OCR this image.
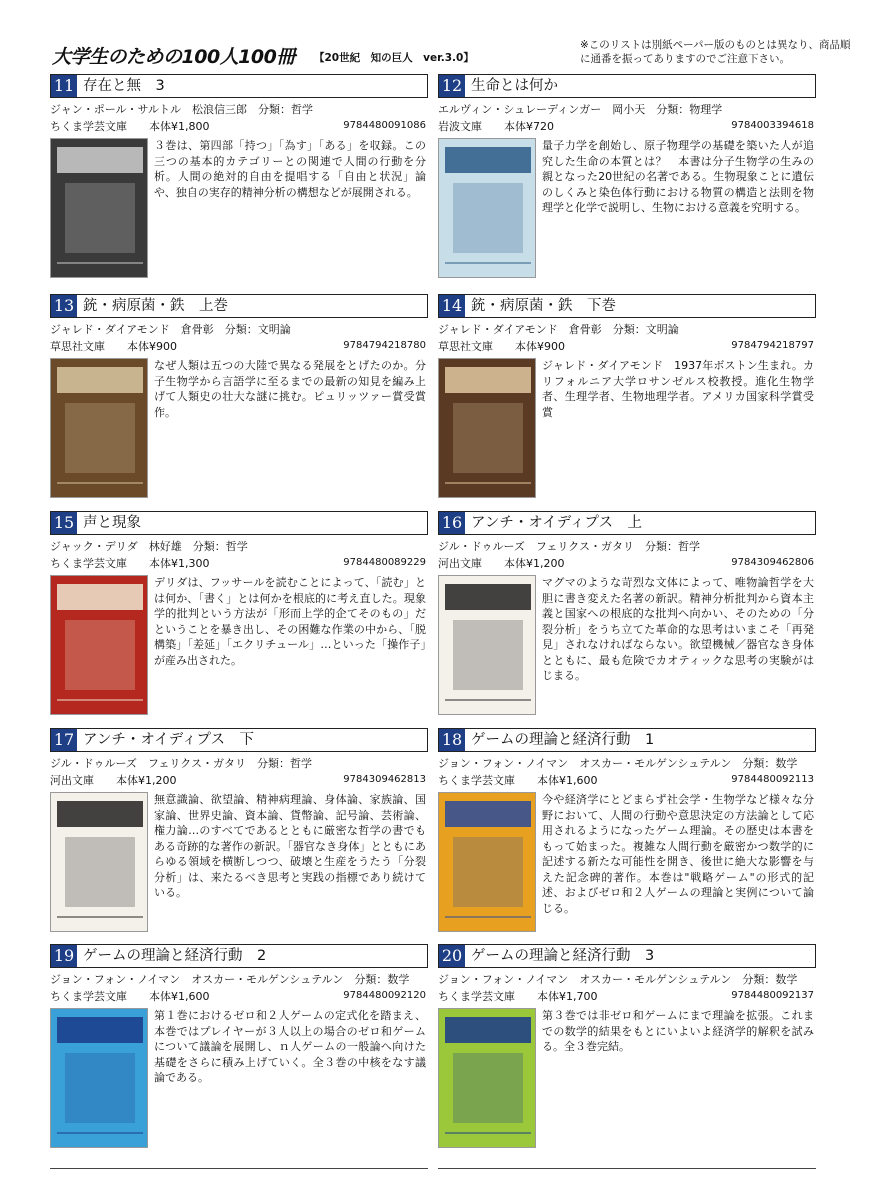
大学生のための100人100冊 【20世紀　知の巨人　ver.3.0】
※このリストは別紙ペーパー版のものとは異なり、商品順に通番を振ってありますのでご注意下さい。
11 存在と無　3
ジャン・ポール・サルトル　松浪信三郎　分類：哲学
ちくま学芸文庫　　本体¥1,800	9784480091086
３巻は、第四部「持つ」「為す」「ある」を収録。この三つの基本的カテゴリーとの関連で人間の行動を分析。人間の絶対的自由を提唱する「自由と状況」論や、独自の実存的精神分析の構想などが展開される。
12 生命とは何か
エルヴィン・シュレーディンガー　岡小天　分類：物理学
岩波文庫　　本体¥720	9784003394618
量子力学を創始し、原子物理学の基礎を築いた人が追究した生命の本質とは？　本書は分子生物学の生みの親となった20世紀の名著である。生物現象ことに遺伝のしくみと染色体行動における物質の構造と法則を物理学と化学で説明し、生物における意義を究明する。
13 銃・病原菌・鉄　上巻
ジャレド・ダイアモンド　倉骨彰　分類：文明論
草思社文庫　　本体¥900	9784794218780
なぜ人類は五つの大陸で異なる発展をとげたのか。分子生物学から言語学に至るまでの最新の知見を編み上げて人類史の壮大な謎に挑む。ピュリッツァー賞受賞作。
14 銃・病原菌・鉄　下巻
ジャレド・ダイアモンド　倉骨彰　分類：文明論
草思社文庫　　本体¥900	9784794218797
ジャレド・ダイアモンド　1937年ボストン生まれ。カリフォルニア大学ロサンゼルス校教授。進化生物学者、生理学者、生物地理学者。アメリカ国家科学賞受賞
15 声と現象
ジャック・デリダ　林好雄　分類：哲学
ちくま学芸文庫　　本体¥1,300	9784480089229
デリダは、フッサールを読むことによって、「読む」とは何か、「書く」とは何かを根底的に考え直した。現象学的批判という方法が「形而上学的企てそのもの」だということを暴き出し、その困難な作業の中から、「脱構築」「差延」「エクリチュール」…といった「操作子」が産み出された。
16 アンチ・オイディプス　上
ジル・ドゥルーズ　フェリクス・ガタリ　分類：哲学
河出文庫　　本体¥1,200	9784309462806
マグマのような苛烈な文体によって、唯物論哲学を大胆に書き変えた名著の新訳。精神分析批判から資本主義と国家への根底的な批判へ向かい、そのための「分裂分析」をうち立てた革命的な思考はいまこそ「再発見」されなければならない。欲望機械／器官なき身体とともに、最も危険でカオティックな思考の実験がはじまる。
17 アンチ・オイディプス　下
ジル・ドゥルーズ　フェリクス・ガタリ　分類：哲学
河出文庫　　本体¥1,200	9784309462813
無意識論、欲望論、精神病理論、身体論、家族論、国家論、世界史論、資本論、貨幣論、記号論、芸術論、権力論…のすべてであるとともに厳密な哲学の書でもある奇跡的な著作の新訳。「器官なき身体」とともにあらゆる領域を横断しつつ、破壊と生産をうたう「分裂分析」は、来たるべき思考と実践の指標であり続けている。
18 ゲームの理論と経済行動　1
ジョン・フォン・ノイマン　オスカー・モルゲンシュテルン　分類：数学
ちくま学芸文庫　　本体¥1,600	9784480092113
今や経済学にとどまらず社会学・生物学など様々な分野において、人間の行動や意思決定の方法論として応用されるようになったゲーム理論。その歴史は本書をもって始まった。複雑な人間行動を厳密かつ数学的に記述する新たな可能性を開き、後世に絶大な影響を与えた記念碑的著作。本巻は"戦略ゲーム"の形式的記述、およびゼロ和２人ゲームの理論と実例について論じる。
19 ゲームの理論と経済行動　2
ジョン・フォン・ノイマン　オスカー・モルゲンシュテルン　分類：数学
ちくま学芸文庫　　本体¥1,600	9784480092120
第１巻におけるゼロ和２人ゲームの定式化を踏まえ、本巻ではプレイヤーが３人以上の場合のゼロ和ゲームについて議論を展開し、ｎ人ゲームの一般論へ向けた基礎をさらに積み上げていく。全３巻の中核をなす議論である。
20 ゲームの理論と経済行動　3
ジョン・フォン・ノイマン　オスカー・モルゲンシュテルン　分類：数学
ちくま学芸文庫　　本体¥1,700	9784480092137
第３巻では非ゼロ和ゲームにまで理論を拡張。これまでの数学的結果をもとにいよいよ経済学的解釈を試みる。全３巻完結。
